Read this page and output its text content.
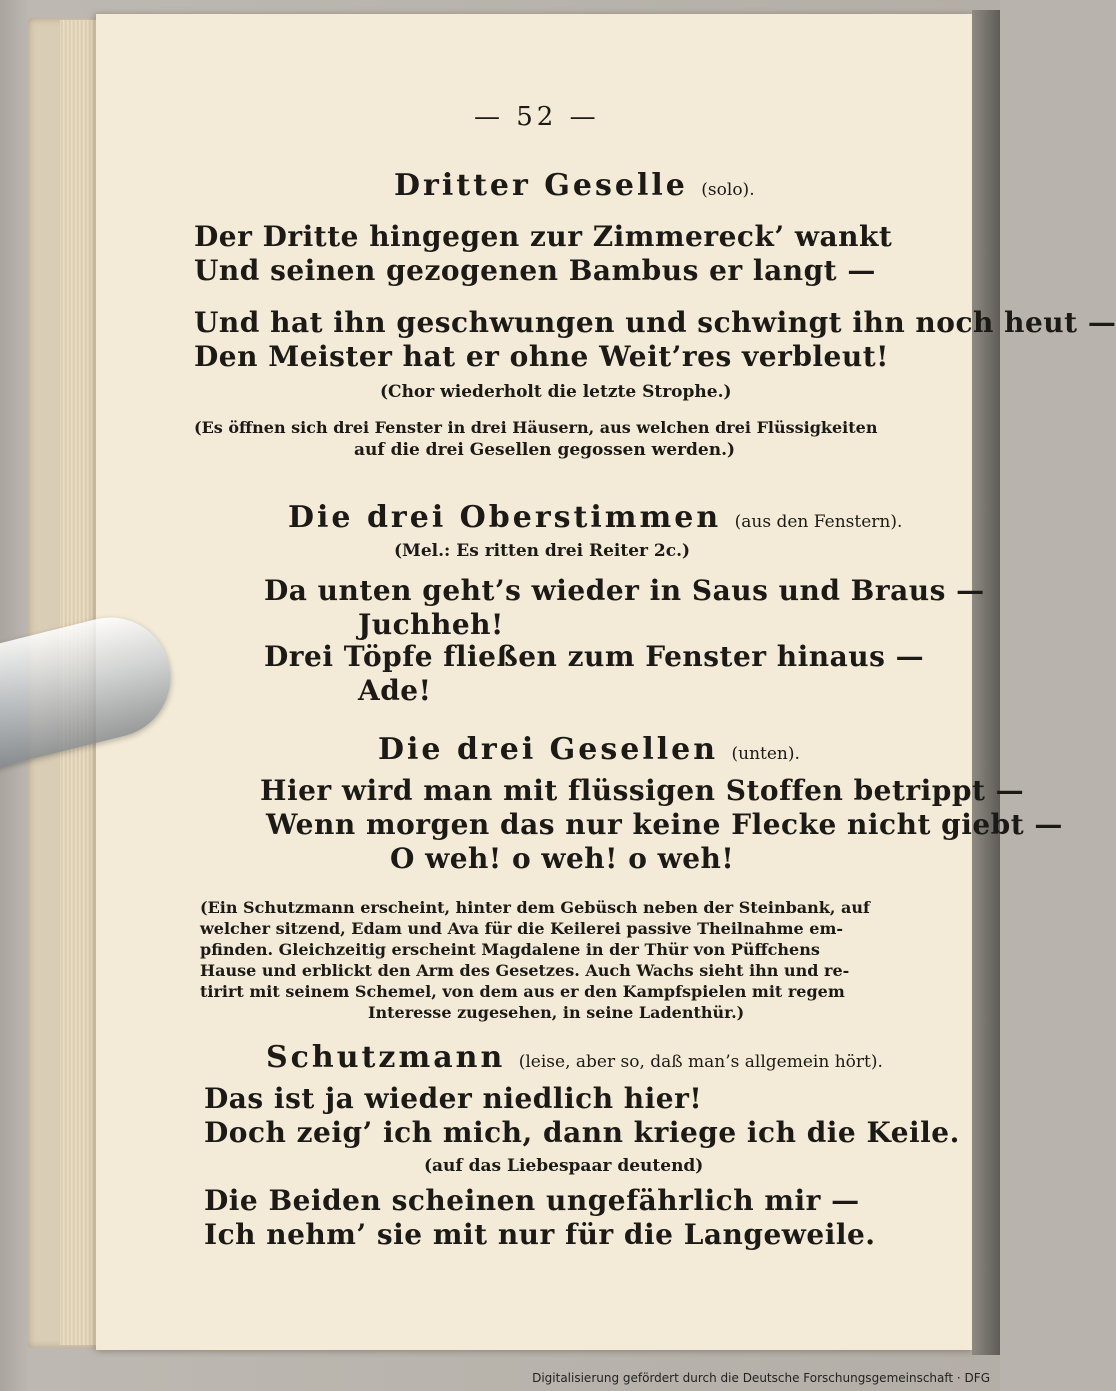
— 52 —

Dritter Geselle (solo).

Der Dritte hingegen zur Zimmereck’ wankt

Und seinen gezogenen Bambus er langt —

Und hat ihn geschwungen und schwingt ihn noch heut —

Den Meister hat er ohne Weit’res verbleut!

(Chor wiederholt die letzte Strophe.)

(Es öffnen sich drei Fenster in drei Häusern, aus welchen drei Flüssigkeiten

auf die drei Gesellen gegossen werden.)

Die drei Oberstimmen (aus den Fenstern).

(Mel.: Es ritten drei Reiter 2c.)

Da unten geht’s wieder in Saus und Braus —

Juchheh!

Drei Töpfe fließen zum Fenster hinaus —

Ade!

Die drei Gesellen (unten).

Hier wird man mit flüssigen Stoffen betrippt —

Wenn morgen das nur keine Flecke nicht giebt —

O weh! o weh! o weh!

(Ein Schutzmann erscheint, hinter dem Gebüsch neben der Steinbank, auf

welcher sitzend, Edam und Ava für die Keilerei passive Theilnahme em-

pfinden. Gleichzeitig erscheint Magdalene in der Thür von Püffchens

Hause und erblickt den Arm des Gesetzes. Auch Wachs sieht ihn und re-

tirirt mit seinem Schemel, von dem aus er den Kampfspielen mit regem

Interesse zugesehen, in seine Ladenthür.)

Schutzmann (leise, aber so, daß man’s allgemein hört).

Das ist ja wieder niedlich hier!

Doch zeig’ ich mich, dann kriege ich die Keile.

(auf das Liebespaar deutend)

Die Beiden scheinen ungefährlich mir —

Ich nehm’ sie mit nur für die Langeweile.

Digitalisierung gefördert durch die Deutsche Forschungsgemeinschaft · DFG
